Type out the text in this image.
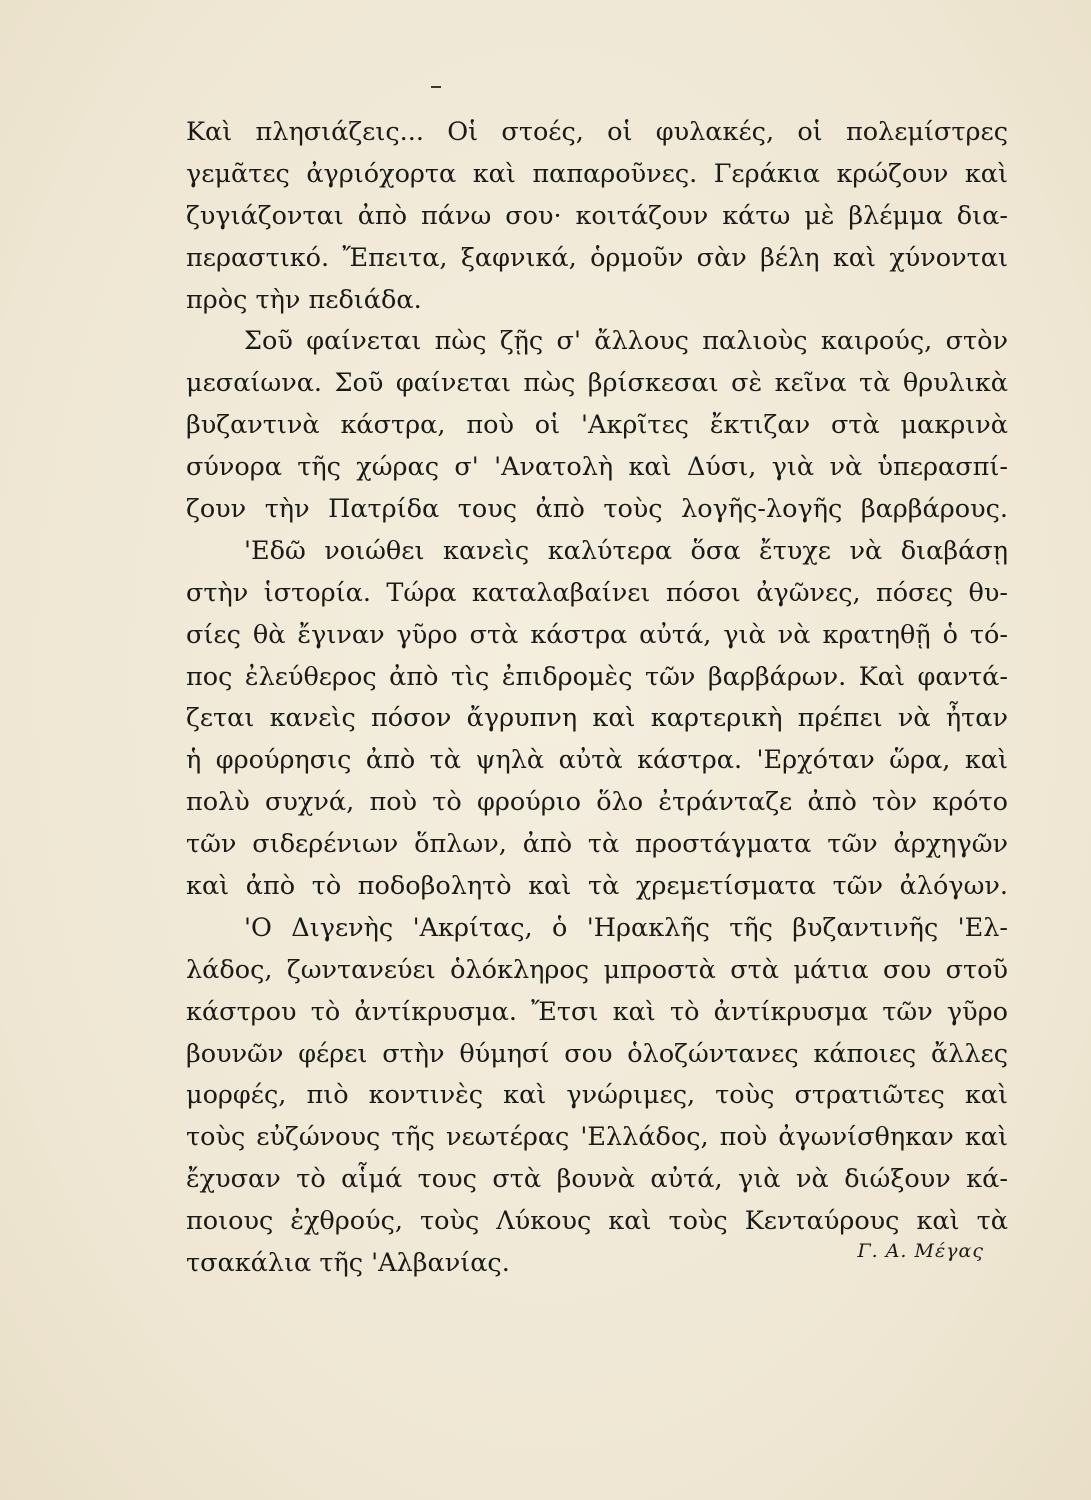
Καὶ πλησιάζεις... Οἱ στοές, οἱ φυλακές, οἱ πολεμίστρες
γεμᾶτες ἀγριόχορτα καὶ παπαροῦνες. Γεράκια κρώζουν καὶ
ζυγιάζονται ἀπὸ πάνω σου· κοιτάζουν κάτω μὲ βλέμμα δια-
περαστικό. Ἔπειτα, ξαφνικά, ὁρμοῦν σὰν βέλη καὶ χύνονται
πρὸς τὴν πεδιάδα.
Σοῦ φαίνεται πὼς ζῇς σ' ἄλλους παλιοὺς καιρούς, στὸν
μεσαίωνα. Σοῦ φαίνεται πὼς βρίσκεσαι σὲ κεῖνα τὰ θρυλικὰ
βυζαντινὰ κάστρα, ποὺ οἱ 'Ακρῖτες ἔκτιζαν στὰ μακρινὰ
σύνορα τῆς χώρας σ' 'Ανατολὴ καὶ Δύσι, γιὰ νὰ ὑπερασπί-
ζουν τὴν Πατρίδα τους ἀπὸ τοὺς λογῆς-λογῆς βαρβάρους.
'Εδῶ νοιώθει κανεὶς καλύτερα ὅσα ἔτυχε νὰ διαβάσῃ
στὴν ἱστορία. Τώρα καταλαβαίνει πόσοι ἀγῶνες, πόσες θυ-
σίες θὰ ἔγιναν γῦρο στὰ κάστρα αὐτά, γιὰ νὰ κρατηθῇ ὁ τό-
πος ἐλεύθερος ἀπὸ τὶς ἐπιδρομὲς τῶν βαρβάρων. Καὶ φαντά-
ζεται κανεὶς πόσον ἄγρυπνη καὶ καρτερικὴ πρέπει νὰ ἦταν
ἡ φρούρησις ἀπὸ τὰ ψηλὰ αὐτὰ κάστρα. 'Ερχόταν ὥρα, καὶ
πολὺ συχνά, ποὺ τὸ φρούριο ὅλο ἐτράνταζε ἀπὸ τὸν κρότο
τῶν σιδερένιων ὅπλων, ἀπὸ τὰ προστάγματα τῶν ἀρχηγῶν
καὶ ἀπὸ τὸ ποδοβολητὸ καὶ τὰ χρεμετίσματα τῶν ἀλόγων.
'Ο Διγενὴς 'Ακρίτας, ὁ 'Ηρακλῆς τῆς βυζαντινῆς 'Ελ-
λάδος, ζωντανεύει ὁλόκληρος μπροστὰ στὰ μάτια σου στοῦ
κάστρου τὸ ἀντίκρυσμα. Ἔτσι καὶ τὸ ἀντίκρυσμα τῶν γῦρο
βουνῶν φέρει στὴν θύμησί σου ὁλοζώντανες κάποιες ἄλλες
μορφές, πιὸ κοντινὲς καὶ γνώριμες, τοὺς στρατιῶτες καὶ
τοὺς εὐζώνους τῆς νεωτέρας 'Ελλάδος, ποὺ ἀγωνίσθηκαν καὶ
ἔχυσαν τὸ αἷμά τους στὰ βουνὰ αὐτά, γιὰ νὰ διώξουν κά-
ποιους ἐχθρούς, τοὺς Λύκους καὶ τοὺς Κενταύρους καὶ τὰ
τσακάλια τῆς 'Αλβανίας.	Γ. Α. Μέγας
